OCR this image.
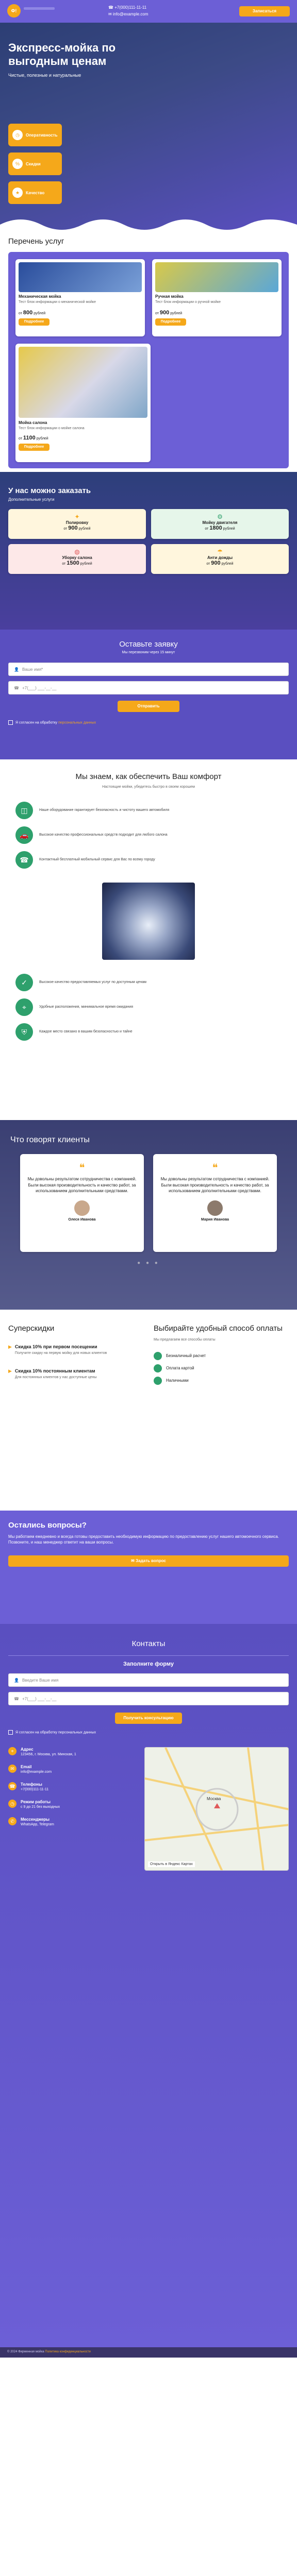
Ф!
☎ +7(000)111-11-11
✉ info@example.com
Записаться
Экспресс-мойка по выгодным ценам
Чистые, полезные и натуральные
◷	Оперативность
%	Скидки
★	Качество
Перечень услуг
Механическая мойка
Тест блок информации о механической мойке
от 800 рублей
Подробнее
Ручная мойка
Тест блок информации о ручной мойке
от 900 рублей
Подробнее
Мойка салона
Тест блок информации о мойке салона
от 1100 рублей
Подробнее
У нас можно заказать
Дополнительные услуги
✦
Полировку
от 900 рублей
⚙
Мойку двигателя
от 1800 рублей
◍
Уборку салона
от 1500 рублей
☂
Анти дожды
от 900 рублей
Оставьте заявку
Мы перезвоним через 15 минут
👤 Ваше имя*
☎ +7(___) ___-__-__
Отправить
Я согласен на обработку персональных данных
Мы знаем, как обеспечить Ваш комфорт
Настоящие мойки, убедитесь быстро в своем хорошем
◫	Наше оборудование гарантирует безопасность и чистоту вашего автомобиля
🚗	Высокое качество профессиональных средств подходит для любого салона
☎	Контактный бесплатный мобильный сервис для Вас по всему городу
✓	Высокое качество предоставляемых услуг по доступным ценам
⌖	Удобные расположения, минимальное время ожидания
⛨	Каждое место связано в вашим безопасностью и тайне
Что говорят клиенты
❝
Мы довольны результатом сотрудничества с компанией. Были высокая производительность и качество работ, за использованием дополнительными средствами.
Олеся Иванова
❝
Мы довольны результатом сотрудничества с компанией. Были высокая производительность и качество работ, за использованием дополнительными средствами.
Мария Иванова
● ● ●
Суперскидки
▶ Скидка 10% при первом посещении
Получите скидку на первую мойку для новых клиентов
▶ Скидка 10% постоянным клиентам
Для постоянных клиентов у нас доступные цены
Выбирайте удобный способ оплаты
Мы предлагаем все способы оплаты
Безналичный расчет
Оплата картой
Наличными
Остались вопросы?
Мы работаем ежедневно и всегда готовы предоставить необходимую информацию по предоставлению услуг нашего автомоечного сервиса. Позвоните, и наш менеджер ответит на ваши вопросы.
✉ Задать вопрос
Контакты
Заполните форму
👤 Введите Ваше имя
☎ +7(___) ___-__-__
Получить консультацию
Я согласен на обработку персональных данных
⌖	Адрес
123456, г. Москва, ул. Минская, 1
✉	Email
info@example.com
☎ Телефоны
+7(000)111-11-11
◷	Режим работы
с 9 до 21 без выходных
✆	Мессенджеры
WhatsApp, Telegram
Москва
Открыть в Яндекс Картах
© 2024 Фирменная мойка Политика конфиденциальности
